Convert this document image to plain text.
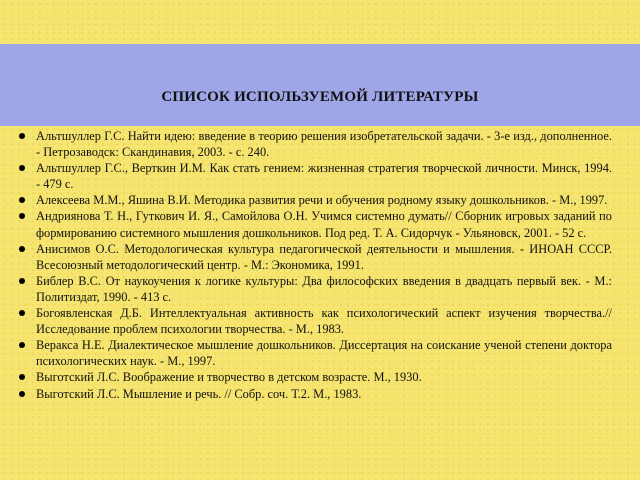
СПИСОК ИСПОЛЬЗУЕМОЙ ЛИТЕРАТУРЫ
Альтшуллер Г.С. Найти идею: введение в теорию решения изобретательской задачи. - 3-е изд., дополненное. - Петрозаводск: Скандинавия, 2003. - с. 240.
Альтшуллер Г.С., Верткин И.М. Как стать гением: жизненная стратегия творческой личности. Минск, 1994. - 479 с.
Алексеева М.М., Яшина В.И. Методика развития речи и обучения родному языку дошкольников. - М., 1997.
Андриянова Т. Н., Гуткович И. Я., Самойлова О.Н. Учимся системно думать// Сборник игровых заданий по формированию системного мышления дошкольников. Под ред. Т. А. Сидорчук - Ульяновск, 2001. - 52 с.
Анисимов О.С. Методологическая культура педагогической деятельности и мышления. - ИНОАН СССР. Всесоюзный методологический центр. - М.: Экономика, 1991.
Библер В.С. От наукоучения к логике культуры: Два философских введения в двадцать первый век. - М.: Политиздат, 1990. - 413 с.
Богоявленская Д.Б. Интеллектуальная активность как психологический аспект изучения творчества.// Исследование проблем психологии творчества. - М., 1983.
Веракса Н.Е. Диалектическое мышление дошкольников. Диссертация на соискание ученой степени доктора психологических наук. - М., 1997.
Выготский Л.С. Воображение и творчество в детском возрасте. М., 1930.
Выготский Л.С. Мышление и речь. // Собр. соч. Т.2. М., 1983.
